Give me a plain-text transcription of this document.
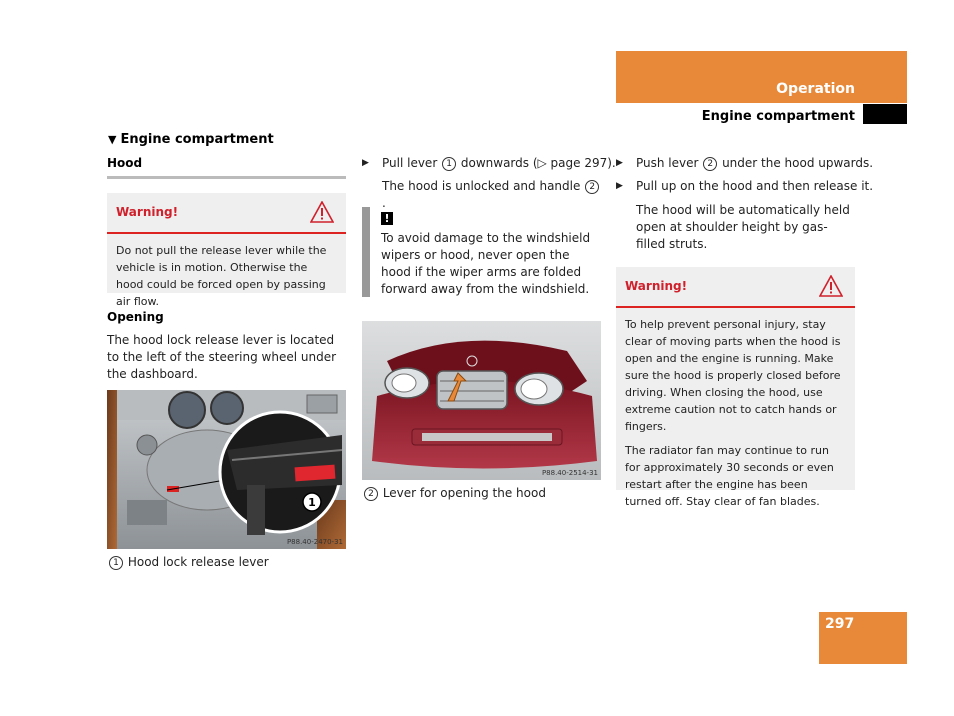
Operation
Engine compartment
▼ Engine compartment
Hood
Warning!
Do not pull the release lever while the vehicle is in motion. Otherwise the hood could be forced open by passing air flow.
Opening
The hood lock release lever is located to the left of the steering wheel under the dashboard.
1
P88.40-2470-31
1 Hood lock release lever
▶ Pull lever 1 downwards (▷ page 297).
The hood is unlocked and handle 2.
!
To avoid damage to the windshield wipers or hood, never open the hood if the wiper arms are folded forward away from the windshield.
P88.40-2514-31
2 Lever for opening the hood
▶ Push lever 2 under the hood upwards.
▶ Pull up on the hood and then release it.
The hood will be automatically held open at shoulder height by gas-filled struts.
Warning!

To help prevent personal injury, stay clear of moving parts when the hood is open and the engine is running. Make sure the hood is properly closed before driving. When closing the hood, use extreme caution not to catch hands or fingers.

The radiator fan may continue to run for approximately 30 seconds or even restart after the engine has been turned off. Stay clear of fan blades.

297
